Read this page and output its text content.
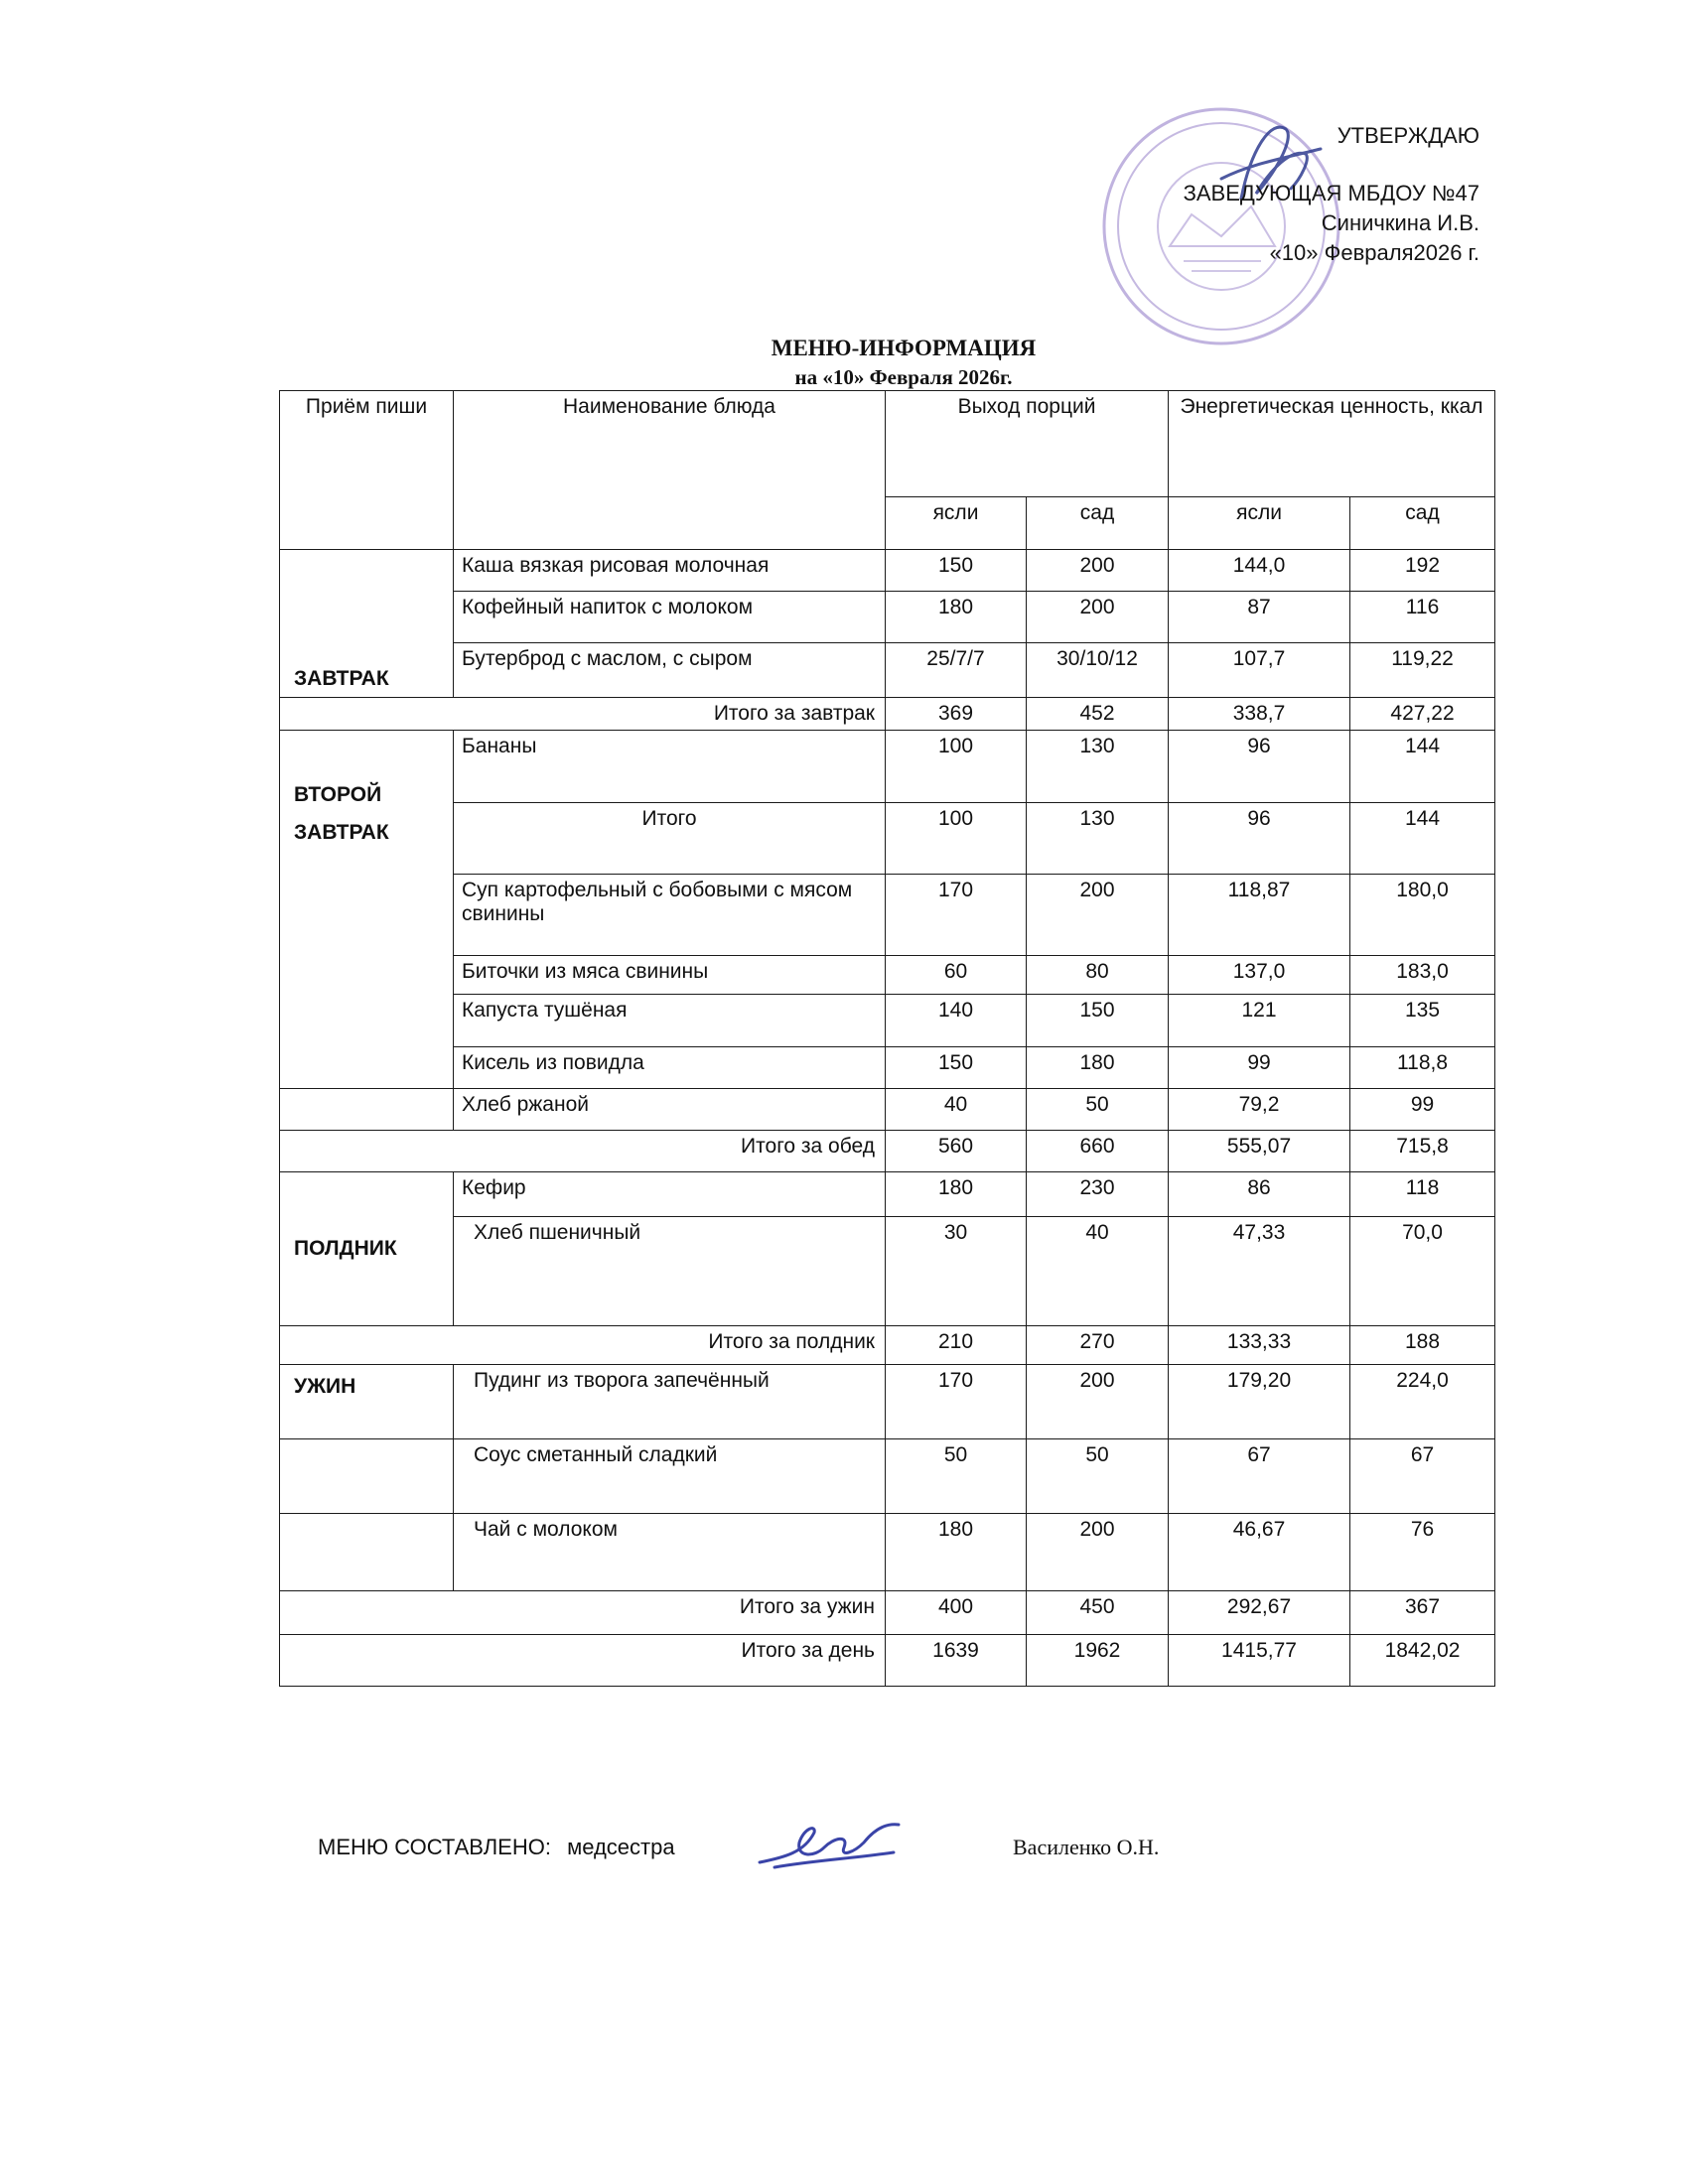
УТВЕРЖДАЮ
ЗАВЕДУЮЩАЯ МБДОУ №47
Синичкина И.В.
«10» Февраля2026 г.
МЕНЮ-ИНФОРМАЦИЯ
на «10» Февраля 2026г.
Приём пиши	Наименование блюда	Выход порций		Энергетическая ценность, ккал	
		ясли	сад	ясли	сад
ЗАВТРАК	Каша вязкая рисовая молочная	150	200	144,0	192
	Кофейный напиток с молоком	180	200	87	116
	Бутерброд с маслом, с сыром	25/7/7	30/10/12	107,7	119,22
Итого за завтрак		369	452	338,7	427,22

ВТОРОЙ
ЗАВТРАК	Бананы	100	130	96	144
	Итого	100	130	96	144
	Суп картофельный с бобовыми с мясом свинины	170	200	118,87	180,0
	Биточки из мяса свинины	60	80	137,0	183,0
	Капуста тушёная	140	150	121	135
	Кисель из повидла	150	180	99	118,8
	Хлеб ржаной	40	50	79,2	99
Итого за обед		560	660	555,07	715,8
ПОЛДНИК	Кефир	180	230	86	118
	Хлеб пшеничный	30	40	47,33	70,0
Итого за полдник		210	270	133,33	188
УЖИН	Пудинг из творога запечённый	170	200	179,20	224,0
	Соус сметанный сладкий	50	50	67	67
	Чай с молоком	180	200	46,67	76
Итого за ужин		400	450	292,67	367
Итого за день		1639	1962	1415,77	1842,02
МЕНЮ СОСТАВЛЕНО: медсестра	Василенко О.Н.
